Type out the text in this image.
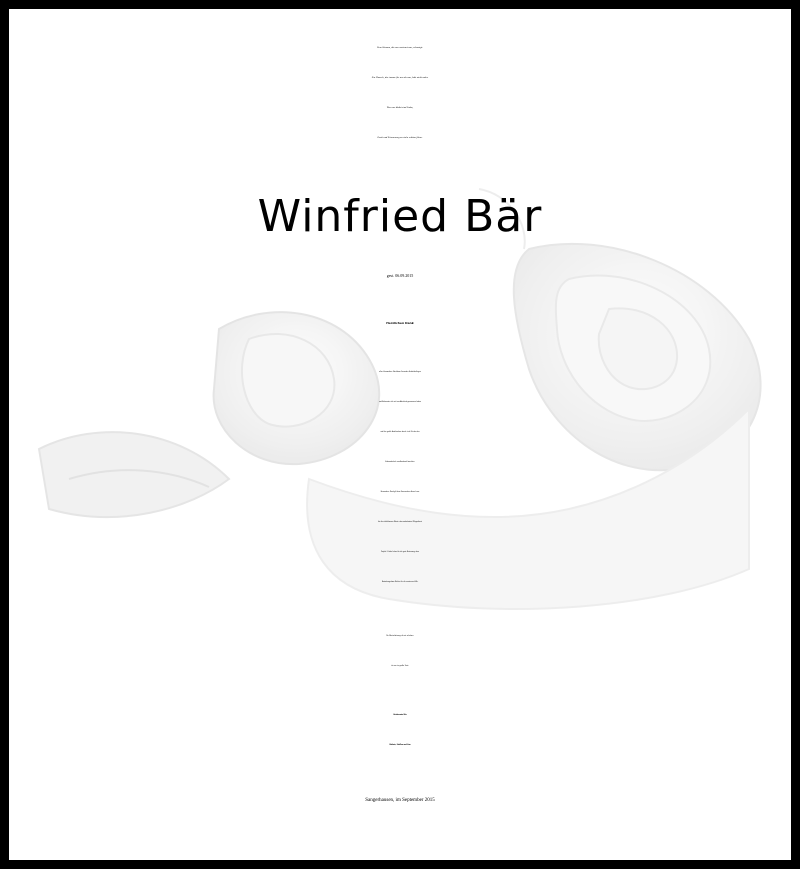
Eine Stimme, die uns vertraut war, schweigt.
Ein Mensch, der immer für uns da war, lebt nicht mehr.
Was uns bleibt sind Liebe,
Dank und Erinnerung an viele schöne Jahre.
Winfried Bär
gest. 06.09.2015
Herzlichen Dank
allen Verwandten, Nachbarn, Freunden, Arbeitskollegen
und Bekannten, die mit uns Abschied genommen haben
und ihre große Anteilnahme durch viele Zeichen der
Verbundenheit zum Ausdruck brachten.
Besonderer Dank gilt dem Trauerredner Herrn Laux
für die einfühlsamen Worte, dem ambulanten Pflegedienst
Projekt 3 Liebe Leben für die gute Betreuung, dem
Bestattungshaus Richter für die erwiesene Hilfe.
Die Wertschätzung, die wir erfuhren,
ist uns ein großer Trost.
Heidemarie Bär
Kathrin, Steffen und Lisa
Sangerhausen, im September 2015
